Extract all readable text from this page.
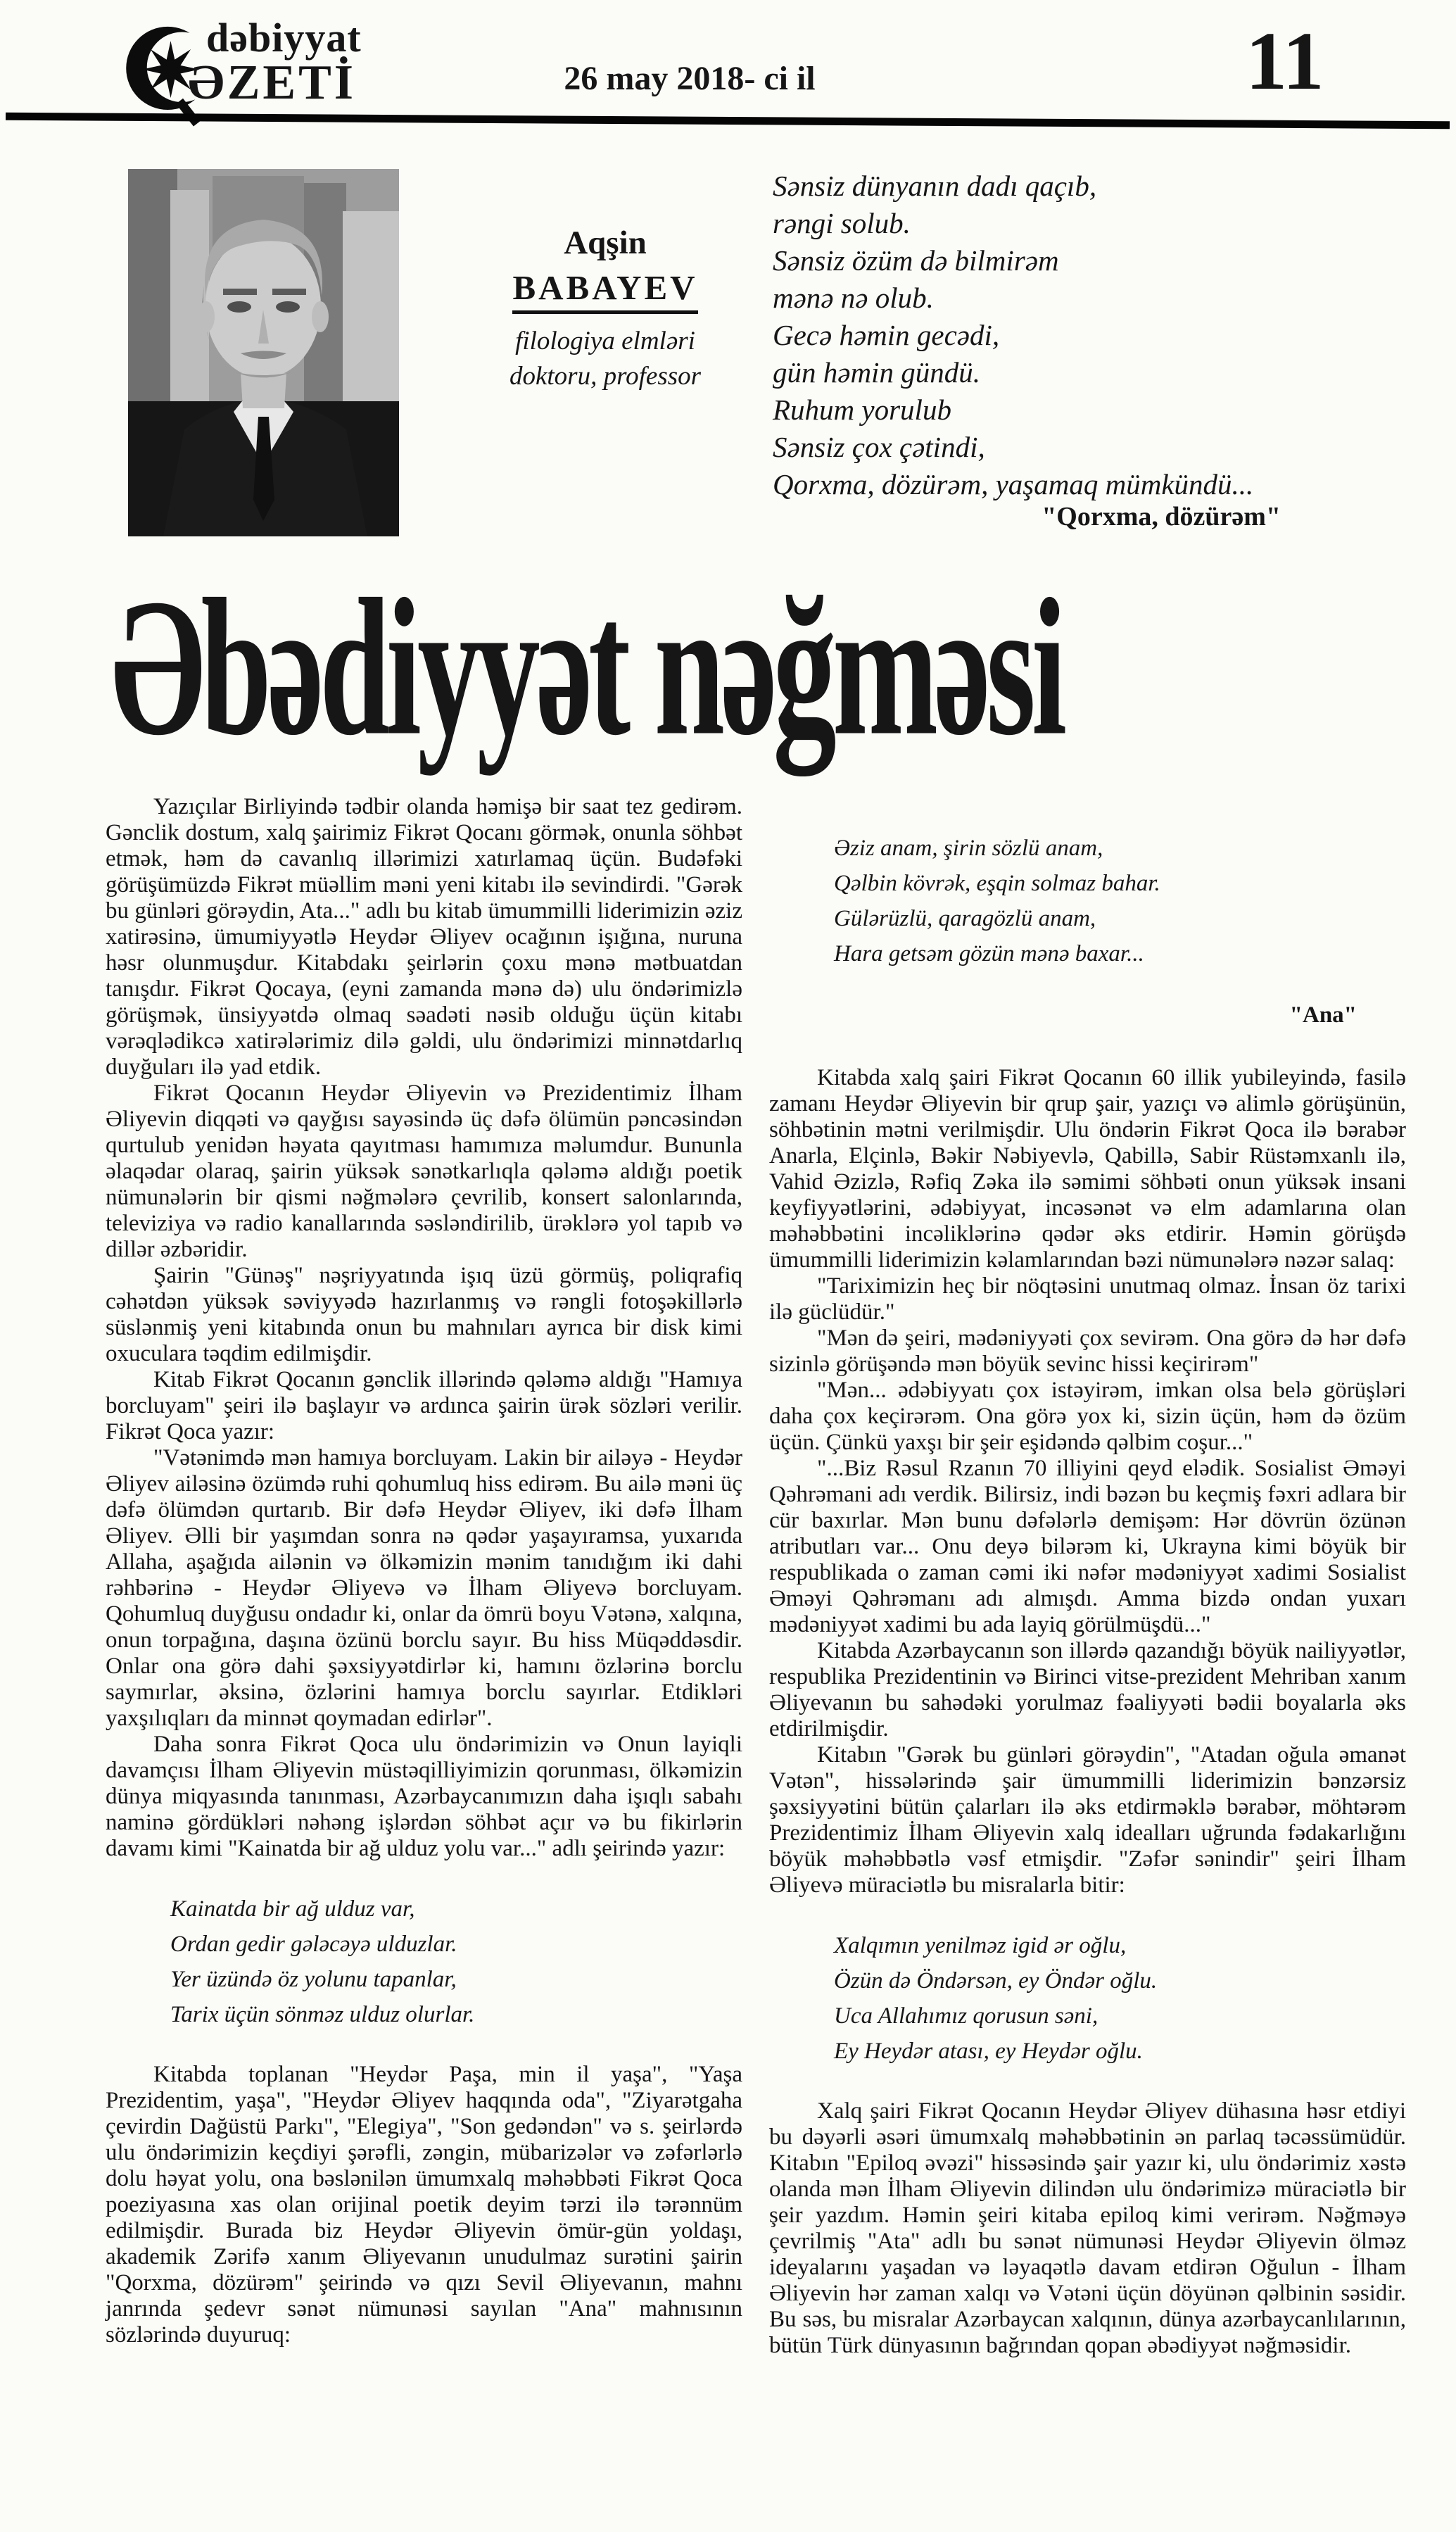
dəbiyyat
ƏZETİ	26 may 2018- ci il	11
Aqşin
BABAYEV
filologiya elmləri
doktoru, professor
Sənsiz dünyanın dadı qaçıb,
rəngi solub.
Sənsiz özüm də bilmirəm
mənə nə olub.
Gecə həmin gecədi,
gün həmin gündü.
Ruhum yorulub
Sənsiz çox çətindi,
Qorxma, dözürəm, yaşamaq mümkündü...
"Qorxma, dözürəm"
Əbədiyyət nəğməsi

Yazıçılar Birliyində tədbir olanda həmişə bir saat tez gedirəm. Gənclik dostum, xalq şairimiz Fikrət Qocanı görmək, onunla söhbət etmək, həm də cavanlıq illərimizi xatırlamaq üçün. Budəfəki görüşümüzdə Fikrət müəllim məni yeni kitabı ilə sevindirdi. "Gərək bu günləri görəydin, Ata..." adlı bu kitab ümummilli liderimizin əziz xatirəsinə, ümumiyyətlə Heydər Əliyev ocağının işığına, nuruna həsr olunmuşdur. Kitabdakı şeirlərin çoxu mənə mətbuatdan tanışdır. Fikrət Qocaya, (eyni zamanda mənə də) ulu öndərimizlə görüşmək, ünsiyyətdə olmaq səadəti nəsib olduğu üçün kitabı vərəqlədikcə xatirələrimiz dilə gəldi, ulu öndərimizi minnətdarlıq duyğuları ilə yad etdik.

Fikrət Qocanın Heydər Əliyevin və Prezidentimiz İlham Əliyevin diqqəti və qayğısı sayəsində üç dəfə ölümün pəncəsindən qurtulub yenidən həyata qayıtması hamımıza məlumdur. Bununla əlaqədar olaraq, şairin yüksək sənətkarlıqla qələmə aldığı poetik nümunələrin bir qismi nəğmələrə çevrilib, konsert salonlarında, televiziya və radio kanallarında səsləndirilib, ürəklərə yol tapıb və dillər əzbəridir.

Şairin "Günəş" nəşriyyatında işıq üzü görmüş, poliqrafiq cəhətdən yüksək səviyyədə hazırlanmış və rəngli fotoşəkillərlə süslənmiş yeni kitabında onun bu mahnıları ayrıca bir disk kimi oxuculara təqdim edilmişdir.

Kitab Fikrət Qocanın gənclik illərində qələmə aldığı "Hamıya borcluyam" şeiri ilə başlayır və ardınca şairin ürək sözləri verilir. Fikrət Qoca yazır:

"Vətənimdə mən hamıya borcluyam. Lakin bir ailəyə - Heydər Əliyev ailəsinə özümdə ruhi qohumluq hiss edirəm. Bu ailə məni üç dəfə ölümdən qurtarıb. Bir dəfə Heydər Əliyev, iki dəfə İlham Əliyev. Əlli bir yaşımdan sonra nə qədər yaşayıramsa, yuxarıda Allaha, aşağıda ailənin və ölkəmizin mənim tanıdığım iki dahi rəhbərinə - Heydər Əliyevə və İlham Əliyevə borcluyam. Qohumluq duyğusu ondadır ki, onlar da ömrü boyu Vətənə, xalqına, onun torpağına, daşına özünü borclu sayır. Bu hiss Müqəddəsdir. Onlar ona görə dahi şəxsiyyətdirlər ki, hamını özlərinə borclu saymırlar, əksinə, özlərini hamıya borclu sayırlar. Etdikləri yaxşılıqları da minnət qoymadan edirlər".

Daha sonra Fikrət Qoca ulu öndərimizin və Onun layiqli davamçısı İlham Əliyevin müstəqilliyimizin qorunması, ölkəmizin dünya miqyasında tanınması, Azərbaycanımızın daha işıqlı sabahı naminə gördükləri nəhəng işlərdən söhbət açır və bu fikirlərin davamı kimi "Kainatda bir ağ ulduz yolu var..." adlı şeirində yazır:

Kainatda bir ağ ulduz var,
Ordan gedir gələcəyə ulduzlar.
Yer üzündə öz yolunu tapanlar,
Tarix üçün sönməz ulduz olurlar.

Kitabda toplanan "Heydər Paşa, min il yaşa", "Yaşa Prezidentim, yaşa", "Heydər Əliyev haqqında oda", "Ziyarətgaha çevirdin Dağüstü Parkı", "Elegiya", "Son gedəndən" və s. şeirlərdə ulu öndərimizin keçdiyi şərəfli, zəngin, mübarizələr və zəfərlərlə dolu həyat yolu, ona bəslənilən ümumxalq məhəbbəti Fikrət Qoca poeziyasına xas olan orijinal poetik deyim tərzi ilə tərənnüm edilmişdir. Burada biz Heydər Əliyevin ömür-gün yoldaşı, akademik Zərifə xanım Əliyevanın unudulmaz surətini şairin "Qorxma, dözürəm" şeirində və qızı Sevil Əliyevanın, mahnı janrında şedevr sənət nümunəsi sayılan "Ana" mahnısının sözlərində duyuruq:

Əziz anam, şirin sözlü anam,
Qəlbin kövrək, eşqin solmaz bahar.
Gülərüzlü, qaragözlü anam,
Hara getsəm gözün mənə baxar...
"Ana"

Kitabda xalq şairi Fikrət Qocanın 60 illik yubileyində, fasilə zamanı Heydər Əliyevin bir qrup şair, yazıçı və alimlə görüşünün, söhbətinin mətni verilmişdir. Ulu öndərin Fikrət Qoca ilə bərabər Anarla, Elçinlə, Bəkir Nəbiyevlə, Qabillə, Sabir Rüstəmxanlı ilə, Vahid Əzizlə, Rəfiq Zəka ilə səmimi söhbəti onun yüksək insani keyfiyyətlərini, ədəbiyyat, incəsənət və elm adamlarına olan məhəbbətini incəliklərinə qədər əks etdirir. Həmin görüşdə ümummilli liderimizin kəlamlarından bəzi nümunələrə nəzər salaq:

"Tariximizin heç bir nöqtəsini unutmaq olmaz. İnsan öz tarixi ilə güclüdür."

"Mən də şeiri, mədəniyyəti çox sevirəm. Ona görə də hər dəfə sizinlə görüşəndə mən böyük sevinc hissi keçirirəm"

"Mən... ədəbiyyatı çox istəyirəm, imkan olsa belə görüşləri daha çox keçirərəm. Ona görə yox ki, sizin üçün, həm də özüm üçün. Çünkü yaxşı bir şeir eşidəndə qəlbim coşur..."

"...Biz Rəsul Rzanın 70 illiyini qeyd elədik. Sosialist Əməyi Qəhrəmani adı verdik. Bilirsiz, indi bəzən bu keçmiş fəxri adlara bir cür baxırlar. Mən bunu dəfələrlə demişəm: Hər dövrün özünən atributları var... Onu deyə bilərəm ki, Ukrayna kimi böyük bir respublikada o zaman cəmi iki nəfər mədəniyyət xadimi Sosialist Əməyi Qəhrəmanı adı almışdı. Amma bizdə ondan yuxarı mədəniyyət xadimi bu ada layiq görülmüşdü..."

Kitabda Azərbaycanın son illərdə qazandığı böyük nailiyyətlər, respublika Prezidentinin və Birinci vitse-prezident Mehriban xanım Əliyevanın bu sahədəki yorulmaz fəaliyyəti bədii boyalarla əks etdirilmişdir.

Kitabın "Gərək bu günləri görəydin", "Atadan oğula əmanət Vətən", hissələrində şair ümummilli liderimizin bənzərsiz şəxsiyyətini bütün çalarları ilə əks etdirməklə bərabər, möhtərəm Prezidentimiz İlham Əliyevin xalq idealları uğrunda fədakarlığını böyük məhəbbətlə vəsf etmişdir. "Zəfər sənindir" şeiri İlham Əliyevə müraciətlə bu misralarla bitir:

Xalqımın yenilməz igid ər oğlu,
Özün də Öndərsən, ey Öndər oğlu.
Uca Allahımız qorusun səni,
Ey Heydər atası, ey Heydər oğlu.

Xalq şairi Fikrət Qocanın Heydər Əliyev dühasına həsr etdiyi bu dəyərli əsəri ümumxalq məhəbbətinin ən parlaq təcəssümüdür. Kitabın "Epiloq əvəzi" hissəsində şair yazır ki, ulu öndərimiz xəstə olanda mən İlham Əliyevin dilindən ulu öndərimizə müraciətlə bir şeir yazdım. Həmin şeiri kitaba epiloq kimi verirəm. Nəğməyə çevrilmiş "Ata" adlı bu sənət nümunəsi Heydər Əliyevin ölməz ideyalarını yaşadan və ləyaqətlə davam etdirən Oğulun - İlham Əliyevin hər zaman xalqı və Vətəni üçün döyünən qəlbinin səsidir. Bu səs, bu misralar Azərbaycan xalqının, dünya azərbaycanlılarının, bütün Türk dünyasının bağrından qopan əbədiyyət nəğməsidir.
